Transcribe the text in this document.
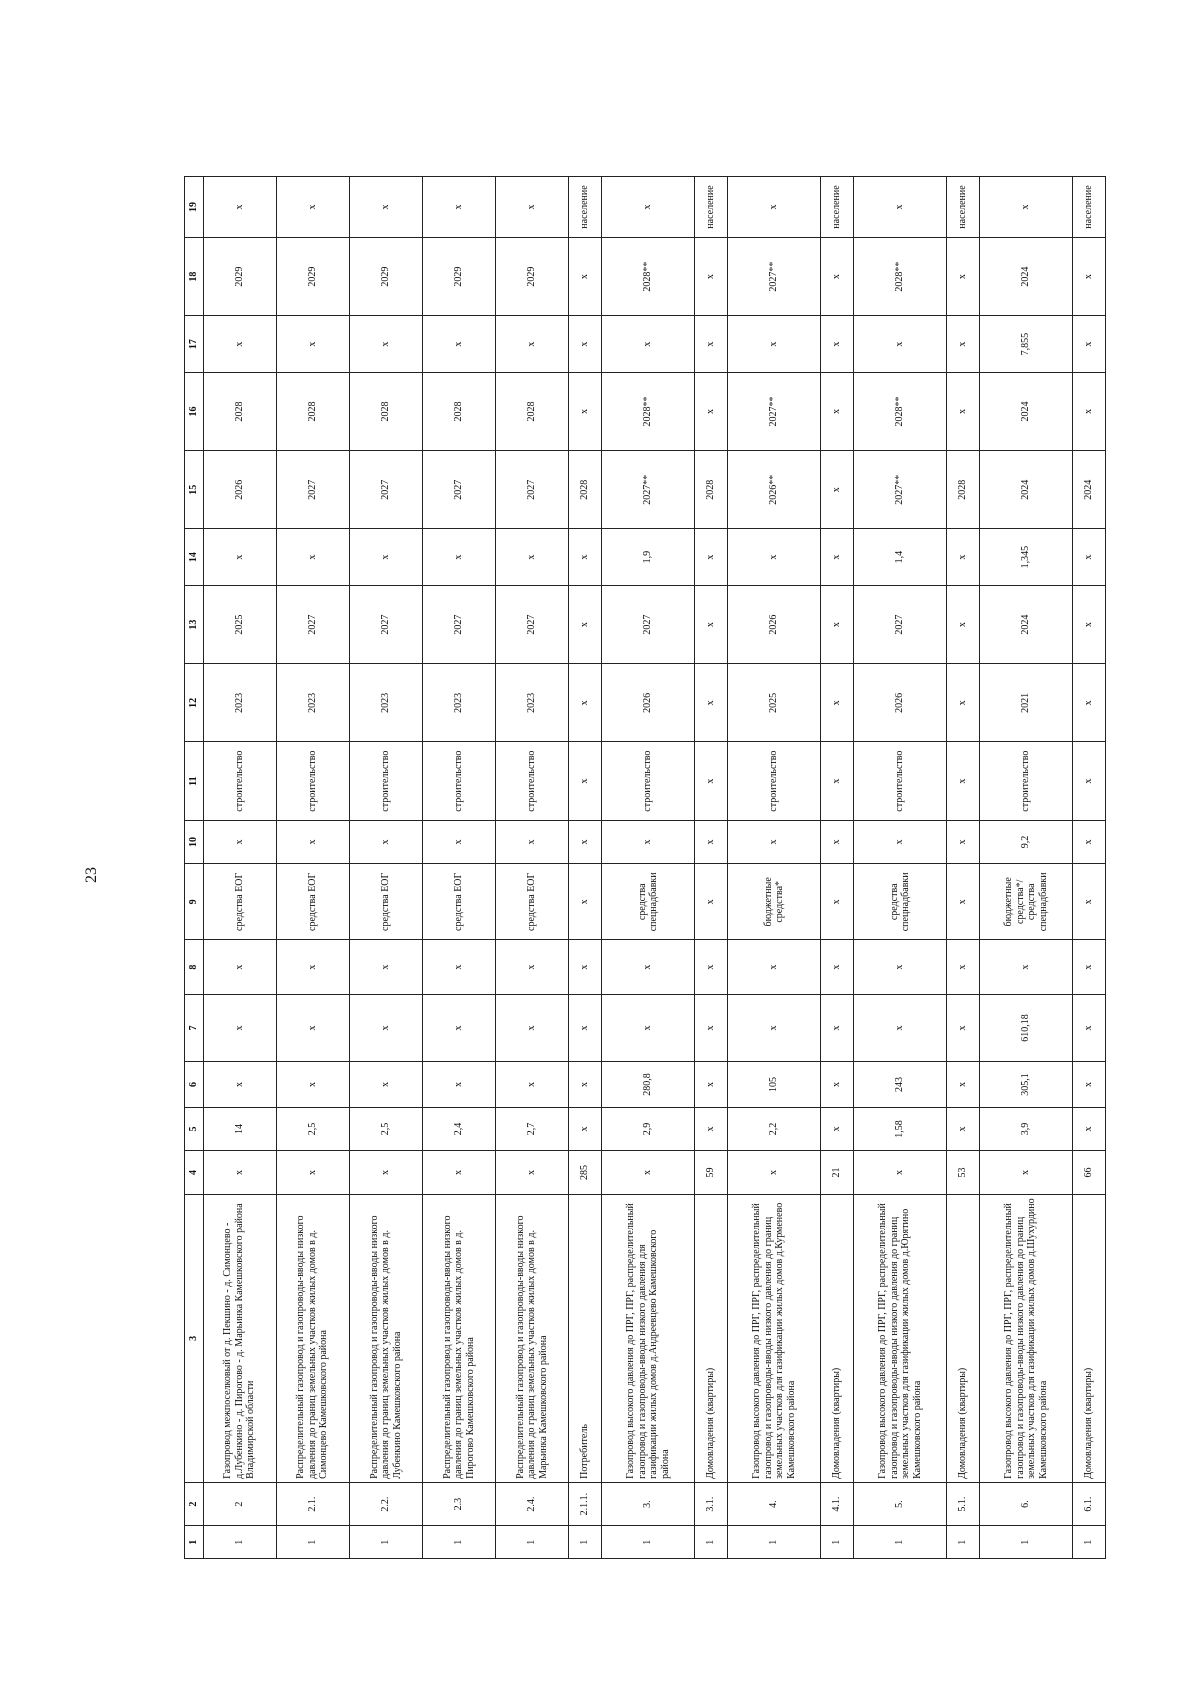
23
1	2	3	4	5	6	7	8	9	10	11	12	13	14	15	16	17	18	19
1	2	Газопровод межпоселковый от д. Пекшино - д. Симонцево - д.Лубенкино - д. Пирогово - д. Марьинка Камешковского района Владимирской области	x	14	x	x	x	средства ЕОГ	x	строительство	2023	2025	x	2026	2028	x	2029	x
1	2.1.	Распределительный газопровод и газопроводы-вводы низкого давления до границ земельных участков жилых домов в д. Симонцево Камешковского района	x	2,5	x	x	x	средства ЕОГ	x	строительство	2023	2027	x	2027	2028	x	2029	x
1	2.2.	Распределительный газопровод и газопроводы-вводы низкого давления до границ земельных участков жилых домов в д. Лубенкино Камешковского района	x	2,5	x	x	x	средства ЕОГ	x	строительство	2023	2027	x	2027	2028	x	2029	x
1	2.3	Распределительный газопровод и газопроводы-вводы низкого давления до границ земельных участков жилых домов в д. Пирогово Камешковского района	x	2,4	x	x	x	средства ЕОГ	x	строительство	2023	2027	x	2027	2028	x	2029	x
1	2.4.	Распределительный газопровод и газопроводы-вводы низкого давления до границ земельных участков жилых домов в д. Марьинка Камешковского района	x	2,7	x	x	x	средства ЕОГ	x	строительство	2023	2027	x	2027	2028	x	2029	x
1	2.1.1.	Потребитель	285	x	x	x	x	x	x	x	x	x	x	2028	x	x	x	население
1	3.	Газопровод высокого давления до ПРГ, ПРГ, распределительный газопровод и газопроводы-вводы низкого давления для газификации жилых домов д.Андреевцево Камешковского района	x	2,9	280,8	x	x	средства спецнадбавки	x	строительство	2026	2027	1,9	2027**	2028**	x	2028**	x
1	3.1.	Домовладения (квартиры)	59	x	x	x	x	x	x	x	x	x	x	2028	x	x	x	население
1	4.	Газопровод высокого давления до ПРГ, ПРГ, распределительный газопровод и газопроводы-вводы низкого давления до границ земельных участков для газификации жилых домов д.Курменево Камешковского района	x	2,2	105	x	x	бюджетные средства*	x	строительство	2025	2026	x	2026**	2027**	x	2027**	x
1	4.1.	Домовладения (квартиры)	21	x	x	x	x	x	x	x	x	x	x	x	x	x	x	население
1	5.	Газопровод высокого давления до ПРГ, ПРГ, распределительный газопровод и газопроводы-вводы низкого давления до границ земельных участков для газификации жилых домов д.Юрятино Камешковского района	x	1,58	243	x	x	средства спецнадбавки	x	строительство	2026	2027	1,4	2027**	2028**	x	2028**	x
1	5.1.	Домовладения (квартиры)	53	x	x	x	x	x	x	x	x	x	x	2028	x	x	x	население
1	6.	Газопровод высокого давления до ПРГ, ПРГ, распределительный газопровод и газопроводы-вводы низкого давления до границ земельных участков для газификации жилых домов д.Шухурдино Камешковского района	x	3,9	305,1	610,18	x	бюджетные средства*/средства спецнадбавки	9,2	строительство	2021	2024	1,345	2024	2024	7,855	2024	x
1	6.1.	Домовладения (квартиры)	66	x	x	x	x	x	x	x	x	x	x	2024	x	x	x	население
